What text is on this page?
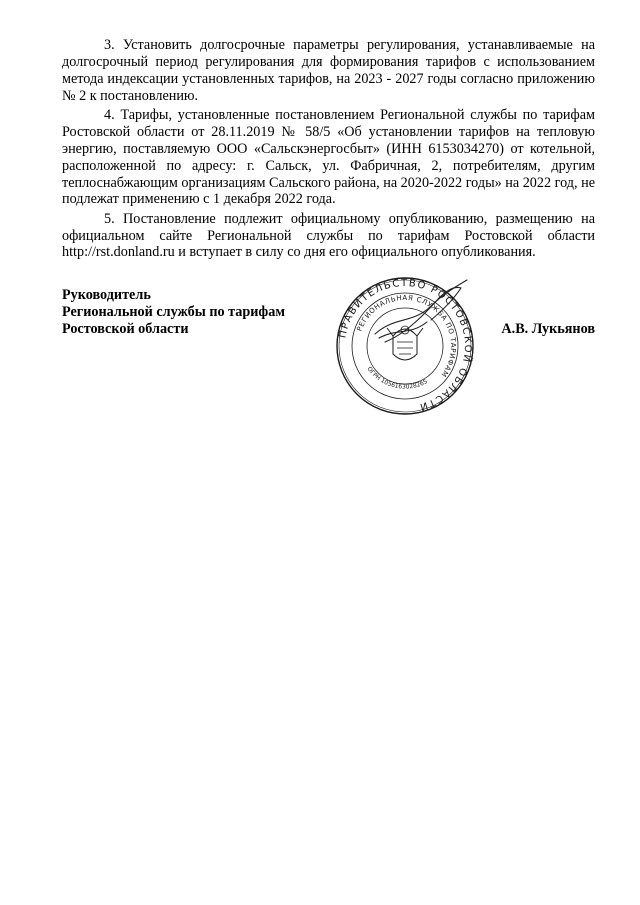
3. Установить долгосрочные параметры регулирования, устанавливаемые на долгосрочный период регулирования для формирования тарифов с использованием метода индексации установленных тарифов, на 2023 - 2027 годы согласно приложению № 2 к постановлению.

4. Тарифы, установленные постановлением Региональной службы по тарифам Ростовской области от 28.11.2019 № 58/5 «Об установлении тарифов на тепловую энергию, поставляемую ООО «Сальскэнергосбыт» (ИНН 6153034270) от котельной, расположенной по адресу: г. Сальск, ул. Фабричная, 2, потребителям, другим теплоснабжающим организациям Сальского района, на 2020-2022 годы» на 2022 год, не подлежат применению с 1 декабря 2022 года.

5. Постановление подлежит официальному опубликованию, размещению на официальном сайте Региональной службы по тарифам Ростовской области http://rst.donland.ru и вступает в силу со дня его официального опубликования.

ПРАВИТЕЛЬСТВО РОСТОВСКОЙ ОБЛАСТИ
РЕГИОНАЛЬНАЯ СЛУЖБА ПО ТАРИФАМ
ОГРН 1056163028265
Руководитель
Региональной службы по тарифам
Ростовской области	А.В. Лукьянов
